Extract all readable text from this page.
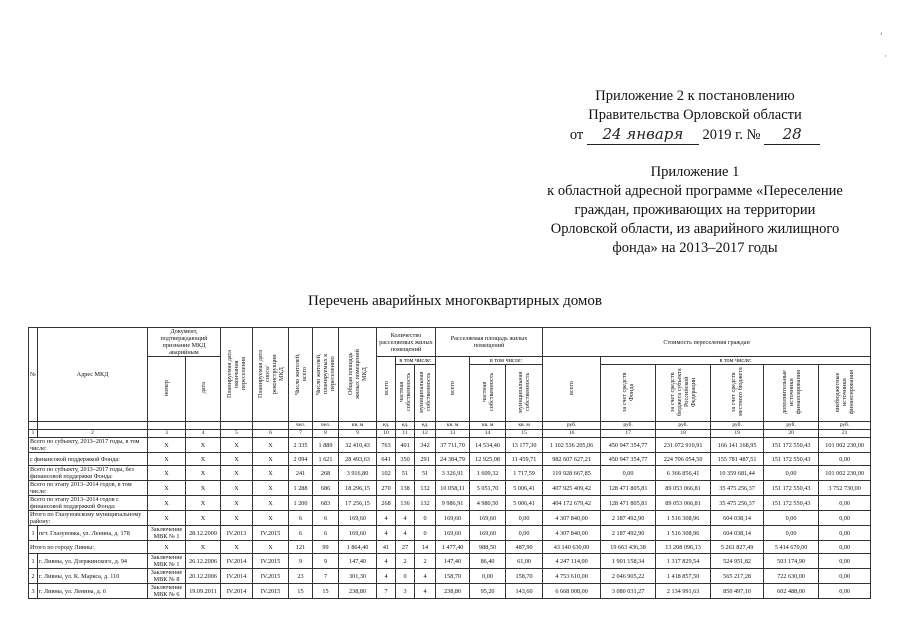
Приложение 2 к постановлению
Правительства Орловской области
от 24 января 2019 г. № 28
Приложение 1
к областной адресной программе «Переселение
граждан, проживающих на территории
Орловской области, из аварийного жилищного
фонда» на 2013–2017 годы
Перечень аварийных многоквартирных домов
'
·
№	Адрес МКД	Документ, подтверждающий признание МКД аварийным		Планируемая дата окончания переселения	Планируемая дата сноса/ реконструкции МКД	Число жителей, всего	Число жителей, планируемых к переселению	Общая площадь жилых помещений МКД	Количество расселяемых жилых помещений			Расселяемая площадь жилых помещений			Стоимость переселения граждан					
		номер	дата						всего	в том числе:		всего	в том числе:		всего	в том числе:				
										частная собственность	муниципальная собственность		частная собственность	муниципальная собственность		за счет средств Фонда	за счет средств бюджета субъекта Российской Федерации	за счет средств местного бюджета	дополнительные источники финансирования	внебюджетные источники финансирования
						чел.	чел.	кв. м	ед.	ед.	ед.	кв. м	кв. м	кв. м	руб.	руб.	руб.	руб.	руб.	руб.
1	2	3	4	5	6	7	8	9	10	11	12	13	14	15	16	17	18	19	20	21
Всего по субъекту, 2013–2017 годы, в том числе:		X	X	X	X	2 335	1 889	32 410,43	763	401	342	37 711,70	14 534,40	13 177,30	1 102 536 205,06	450 947 354,77	231 072 910,91	166 141 168,95	151 172 550,43	101 002 230,00
с финансовой поддержкой Фонда:		X	X	X	X	2 094	1 621	28 493,63	641	350	291	24 384,79	12 925,08	11 459,71	982 607 627,21	450 947 354,77	224 706 054,50	155 781 487,51	151 172 550,43	0,00
Всего по субъекту, 2013–2017 годы, без финансовой поддержки Фонда:		X	X	X	X	241	268	3 916,80	102	51	51	3 326,91	1 609,32	1 717,59	119 928 667,85	0,00	6 366 856,41	10 359 681,44	0,00	101 002 230,00
Всего по этапу 2013–2014 годов, в том числе:		X	X	X	X	1 288	686	18 296,15	270	138	132	10 058,11	5 051,70	5 006,41	407 925 409,42	128 471 805,81	89 053 066,81	35 475 256,37	151 172 550,43	3 752 730,00
Всего по этапу 2013–2014 годов с финансовой поддержкой Фонда:		X	X	X	X	1 200	683	17 256,15	268	136	132	9 986,91	4 980,50	5 006,41	404 172 679,42	128 471 805,81	89 053 066,81	35 475 256,37	151 172 550,43	0,00
Итого по Глазуновскому муниципальному району:		X	X	X	X	6	6	169,60	4	4	0	169,60	169,60	0,00	4 307 840,00	2 187 492,90	1 516 308,96	604 038,14	0,00	0,00
1	пгт. Глазуновка, ул. Ленина, д. 178	Заключение МВК № 1	28.12.2009	IV.2013	IV.2015	6	6	169,60	4	4	0	169,60	169,60	0,00	4 307 840,00	2 187 492,90	1 516 308,96	604 038,14	0,00	0,00
Итого по городу Ливны:		X	X	X	X	121	99	1 864,40	41	27	14	1 477,40	988,50	487,90	43 140 630,00	19 663 436,38	13 208 096,13	5 261 827,49	5 414 670,00	0,00
1	г. Ливны, ул. Дзержинского, д. 94	Заключение МВК № 1	26.12.2006	IV.2014	IV.2015	9	9	147,40	4	2	2	147,40	86,40	61,00	4 247 114,00	1 901 158,34	1 317 829,54	524 951,82	503 174,90	0,00
2	г. Ливны, ул. К. Маркса, д. 110	Заключение МВК № 8	20.12.2006	IV.2014	IV.2015	23	7	301,30	4	0	4	158,70	0,00	158,70	4 753 610,00	2 046 905,22	1 418 857,50	565 217,28	722 630,00	0,00
3	г. Ливны, ул. Ленина, д. 6	Заключение МВК № 6	19.09.2011	IV.2014	IV.2015	15	15	238,80	7	3	4	238,80	95,20	143,60	6 668 008,00	3 080 031,27	2 134 991,63	850 497,10	602 488,00	0,00
